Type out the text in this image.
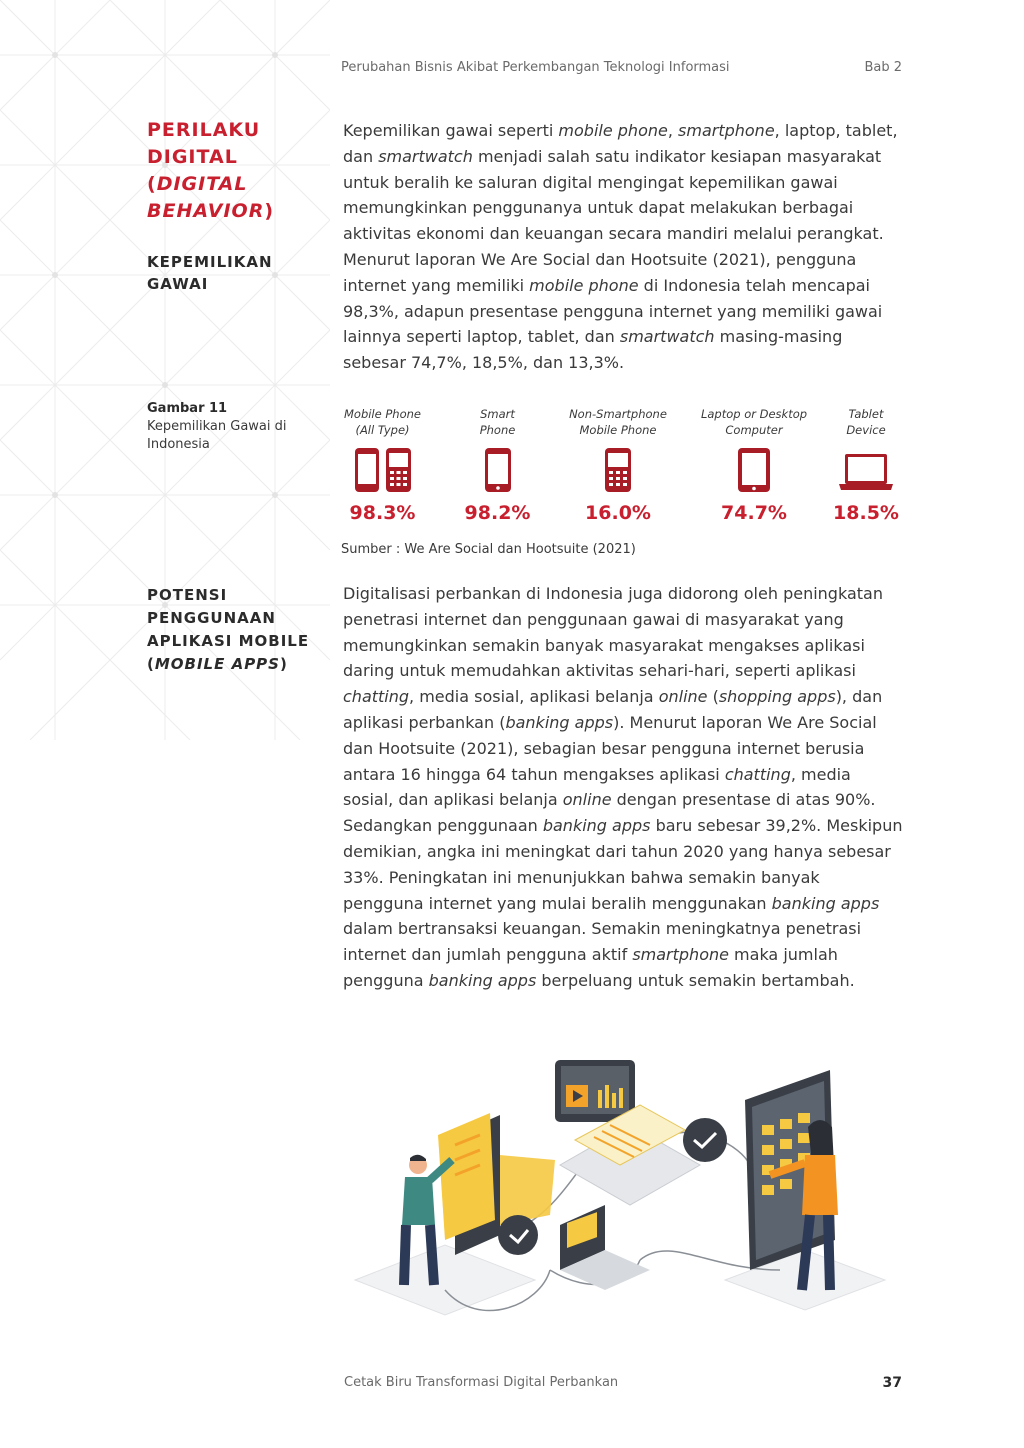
Perubahan Bisnis Akibat Perkembangan Teknologi Informasi	Bab 2
PERILAKU
DIGITAL
(DIGITAL
BEHAVIOR)
KEPEMILIKAN
GAWAI

Kepemilikan gawai seperti mobile phone, smartphone, laptop, tablet, dan smartwatch menjadi salah satu indikator kesiapan masyarakat untuk beralih ke saluran digital mengingat kepemilikan gawai memungkinkan penggunanya untuk dapat melakukan berbagai aktivitas ekonomi dan keuangan secara mandiri melalui perangkat. Menurut laporan We Are Social dan Hootsuite (2021), pengguna internet yang memiliki mobile phone di Indonesia telah mencapai 98,3%, adapun presentase pengguna internet yang memiliki gawai lainnya seperti laptop, tablet, dan smartwatch masing-masing sebesar 74,7%, 18,5%, dan 13,3%.

Gambar 11
Kepemilikan Gawai di Indonesia
Mobile Phone
(All Type)
98.3%
Smart
Phone
98.2%
Non-Smartphone
Mobile Phone
16.0%
Laptop or Desktop
Computer
74.7%
Tablet
Device
18.5%
Sumber : We Are Social dan Hootsuite (2021)
POTENSI
PENGGUNAAN
APLIKASI MOBILE
(MOBILE APPS)

Digitalisasi perbankan di Indonesia juga didorong oleh peningkatan penetrasi internet dan penggunaan gawai di masyarakat yang memungkinkan semakin banyak masyarakat mengakses aplikasi daring untuk memudahkan aktivitas sehari-hari, seperti aplikasi chatting, media sosial, aplikasi belanja online (shopping apps), dan aplikasi perbankan (banking apps). Menurut laporan We Are Social dan Hootsuite (2021), sebagian besar pengguna internet berusia antara 16 hingga 64 tahun mengakses aplikasi chatting, media sosial, dan aplikasi belanja online dengan presentase di atas 90%. Sedangkan penggunaan banking apps baru sebesar 39,2%. Meskipun demikian, angka ini meningkat dari tahun 2020 yang hanya sebesar 33%. Peningkatan ini menunjukkan bahwa semakin banyak pengguna internet yang mulai beralih menggunakan banking apps dalam bertransaksi keuangan. Semakin meningkatnya penetrasi internet dan jumlah pengguna aktif smartphone maka jumlah pengguna banking apps berpeluang untuk semakin bertambah.

Cetak Biru Transformasi Digital Perbankan	37
